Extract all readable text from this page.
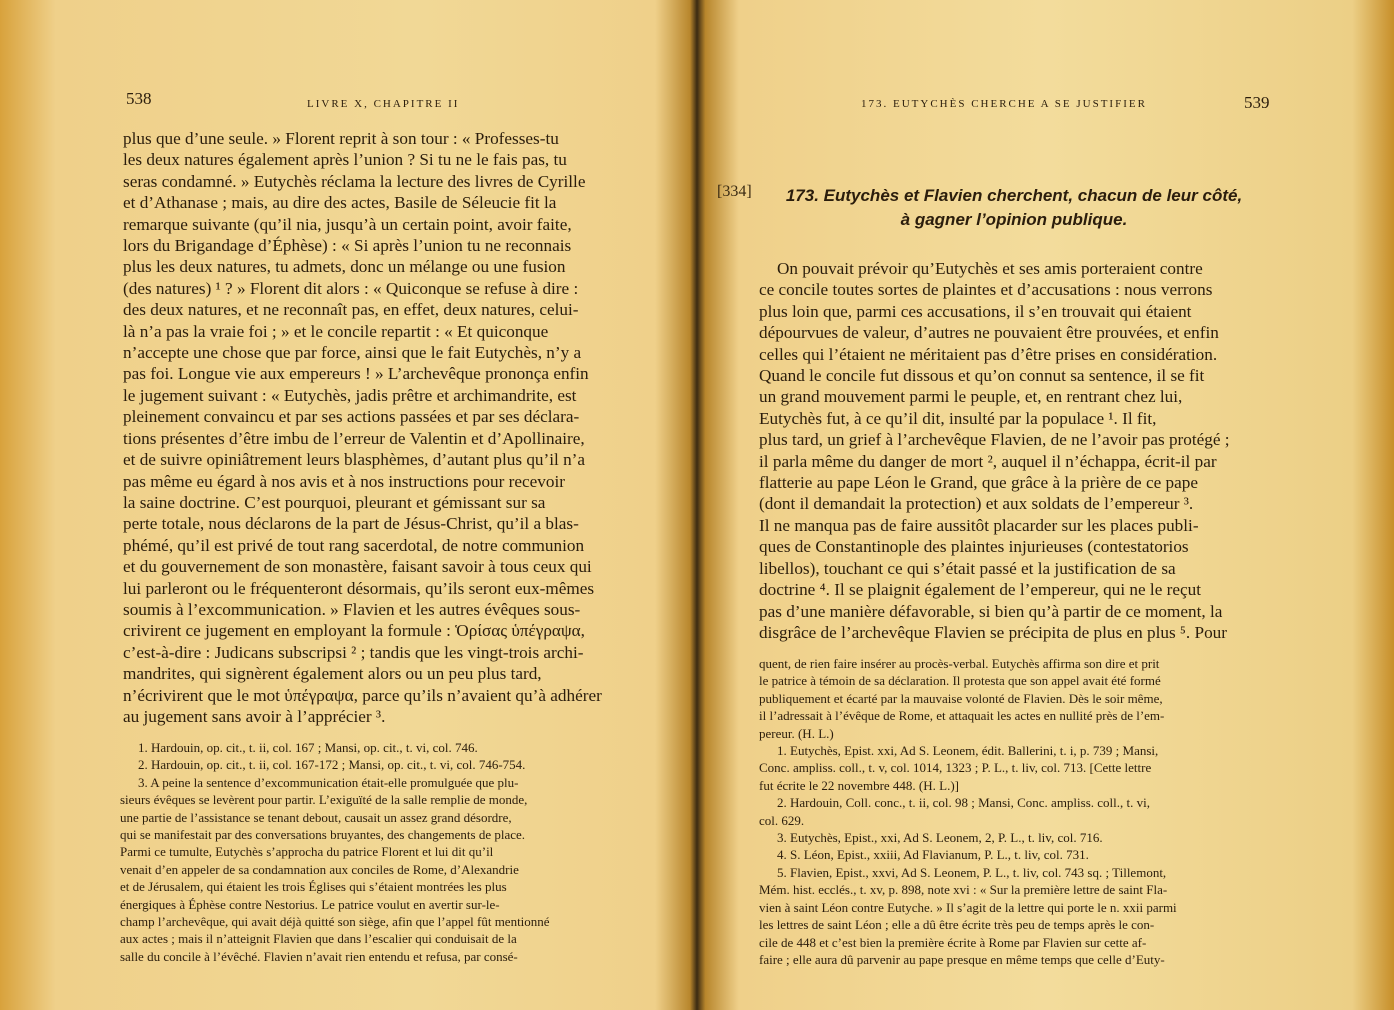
538	LIVRE X, CHAPITRE II
plus que d’une seule. » Florent reprit à son tour : « Professes-tu
les deux natures également après l’union ? Si tu ne le fais pas, tu
seras condamné. » Eutychès réclama la lecture des livres de Cyrille
et d’Athanase ; mais, au dire des actes, Basile de Séleucie fit la
remarque suivante (qu’il nia, jusqu’à un certain point, avoir faite,
lors du Brigandage d’Éphèse) : « Si après l’union tu ne reconnais
plus les deux natures, tu admets, donc un mélange ou une fusion
(des natures) ¹ ? » Florent dit alors : « Quiconque se refuse à dire :
des deux natures, et ne reconnaît pas, en effet, deux natures, celui-
là n’a pas la vraie foi ; » et le concile repartit : « Et quiconque
n’accepte une chose que par force, ainsi que le fait Eutychès, n’y a
pas foi. Longue vie aux empereurs ! » L’archevêque prononça enfin
le jugement suivant : « Eutychès, jadis prêtre et archimandrite, est
pleinement convaincu et par ses actions passées et par ses déclara-
tions présentes d’être imbu de l’erreur de Valentin et d’Apollinaire,
et de suivre opiniâtrement leurs blasphèmes, d’autant plus qu’il n’a
pas même eu égard à nos avis et à nos instructions pour recevoir
la saine doctrine. C’est pourquoi, pleurant et gémissant sur sa
perte totale, nous déclarons de la part de Jésus-Christ, qu’il a blas-
phémé, qu’il est privé de tout rang sacerdotal, de notre communion
et du gouvernement de son monastère, faisant savoir à tous ceux qui
lui parleront ou le fréquenteront désormais, qu’ils seront eux-mêmes
soumis à l’excommunication. » Flavien et les autres évêques sous-
crivirent ce jugement en employant la formule : Ὁρίσας ὑπέγραψα,
c’est-à-dire : Judicans subscripsi ² ; tandis que les vingt-trois archi-
mandrites, qui signèrent également alors ou un peu plus tard,
n’écrivirent que le mot ὑπέγραψα, parce qu’ils n’avaient qu’à adhérer
au jugement sans avoir à l’apprécier ³.
1. Hardouin, op. cit., t. ii, col. 167 ; Mansi, op. cit., t. vi, col. 746.
2. Hardouin, op. cit., t. ii, col. 167-172 ; Mansi, op. cit., t. vi, col. 746-754.
3. A peine la sentence d’excommunication était-elle promulguée que plu-
sieurs évêques se levèrent pour partir. L’exiguïté de la salle remplie de monde,
une partie de l’assistance se tenant debout, causait un assez grand désordre,
qui se manifestait par des conversations bruyantes, des changements de place.
Parmi ce tumulte, Eutychès s’approcha du patrice Florent et lui dit qu’il
venait d’en appeler de sa condamnation aux conciles de Rome, d’Alexandrie
et de Jérusalem, qui étaient les trois Églises qui s’étaient montrées les plus
énergiques à Éphèse contre Nestorius. Le patrice voulut en avertir sur-le-
champ l’archevêque, qui avait déjà quitté son siège, afin que l’appel fût mentionné
aux actes ; mais il n’atteignit Flavien que dans l’escalier qui conduisait de la
salle du concile à l’évêché. Flavien n’avait rien entendu et refusa, par consé-
173. EUTYCHÈS CHERCHE A SE JUSTIFIER	539
[334]	173. Eutychès et Flavien cherchent, chacun de leur côté,
à gagner l’opinion publique.
On pouvait prévoir qu’Eutychès et ses amis porteraient contre
ce concile toutes sortes de plaintes et d’accusations : nous verrons
plus loin que, parmi ces accusations, il s’en trouvait qui étaient
dépourvues de valeur, d’autres ne pouvaient être prouvées, et enfin
celles qui l’étaient ne méritaient pas d’être prises en considération.
Quand le concile fut dissous et qu’on connut sa sentence, il se fit
un grand mouvement parmi le peuple, et, en rentrant chez lui,
Eutychès fut, à ce qu’il dit, insulté par la populace ¹. Il fit,
plus tard, un grief à l’archevêque Flavien, de ne l’avoir pas protégé ;
il parla même du danger de mort ², auquel il n’échappa, écrit-il par
flatterie au pape Léon le Grand, que grâce à la prière de ce pape
(dont il demandait la protection) et aux soldats de l’empereur ³.
Il ne manqua pas de faire aussitôt placarder sur les places publi-
ques de Constantinople des plaintes injurieuses (contestatorios
libellos), touchant ce qui s’était passé et la justification de sa
doctrine ⁴. Il se plaignit également de l’empereur, qui ne le reçut
pas d’une manière défavorable, si bien qu’à partir de ce moment, la
disgrâce de l’archevêque Flavien se précipita de plus en plus ⁵. Pour
quent, de rien faire insérer au procès-verbal. Eutychès affirma son dire et prit
le patrice à témoin de sa déclaration. Il protesta que son appel avait été formé
publiquement et écarté par la mauvaise volonté de Flavien. Dès le soir même,
il l’adressait à l’évêque de Rome, et attaquait les actes en nullité près de l’em-
pereur. (H. L.)
1. Eutychès, Epist. xxi, Ad S. Leonem, édit. Ballerini, t. i, p. 739 ; Mansi,
Conc. ampliss. coll., t. v, col. 1014, 1323 ; P. L., t. liv, col. 713. [Cette lettre
fut écrite le 22 novembre 448. (H. L.)]
2. Hardouin, Coll. conc., t. ii, col. 98 ; Mansi, Conc. ampliss. coll., t. vi,
col. 629.
3. Eutychès, Epist., xxi, Ad S. Leonem, 2, P. L., t. liv, col. 716.
4. S. Léon, Epist., xxiii, Ad Flavianum, P. L., t. liv, col. 731.
5. Flavien, Epist., xxvi, Ad S. Leonem, P. L., t. liv, col. 743 sq. ; Tillemont,
Mém. hist. ecclés., t. xv, p. 898, note xvi : « Sur la première lettre de saint Fla-
vien à saint Léon contre Eutyche. » Il s’agit de la lettre qui porte le n. xxii parmi
les lettres de saint Léon ; elle a dû être écrite très peu de temps après le con-
cile de 448 et c’est bien la première écrite à Rome par Flavien sur cette af-
faire ; elle aura dû parvenir au pape presque en même temps que celle d’Euty-
